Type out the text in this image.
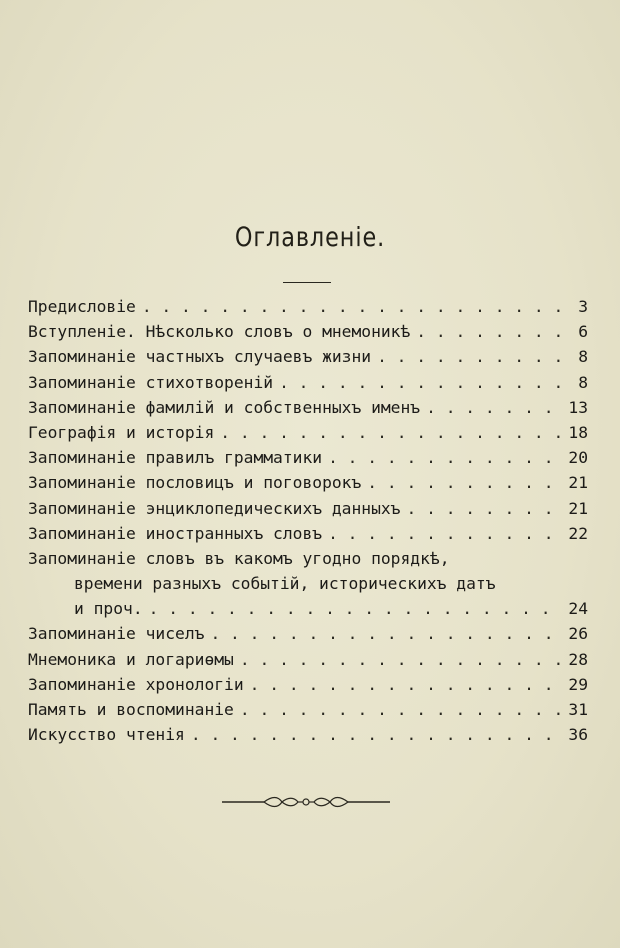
Оглавленіе.
Предисловіе . . .	3
Вступленіе. Нѣсколько словъ о мнемоникѣ . . .	6
Запоминаніе частныхъ случаевъ жизни . . .	8
Запоминаніе стихотвореній . . .	8
Запоминаніе фамилій и собственныхъ именъ . . .	13
Географія и исторія . . .	18
Запоминаніе правилъ грамматики . . .	20
Запоминаніе пословицъ и поговорокъ . . .	21
Запоминаніе энциклопедическихъ данныхъ . . .	21
Запоминаніе иностранныхъ словъ . . .	22
Запоминаніе словъ въ какомъ угодно порядкѣ,
времени разныхъ событій, историческихъ датъ
и проч. . . .	24
Запоминаніе чиселъ . . .	26
Мнемоника и логариѳмы . . .	28
Запоминаніе хронологіи . . .	29
Память и воспоминаніе . . .	31
Искусство чтенія . . .	36
